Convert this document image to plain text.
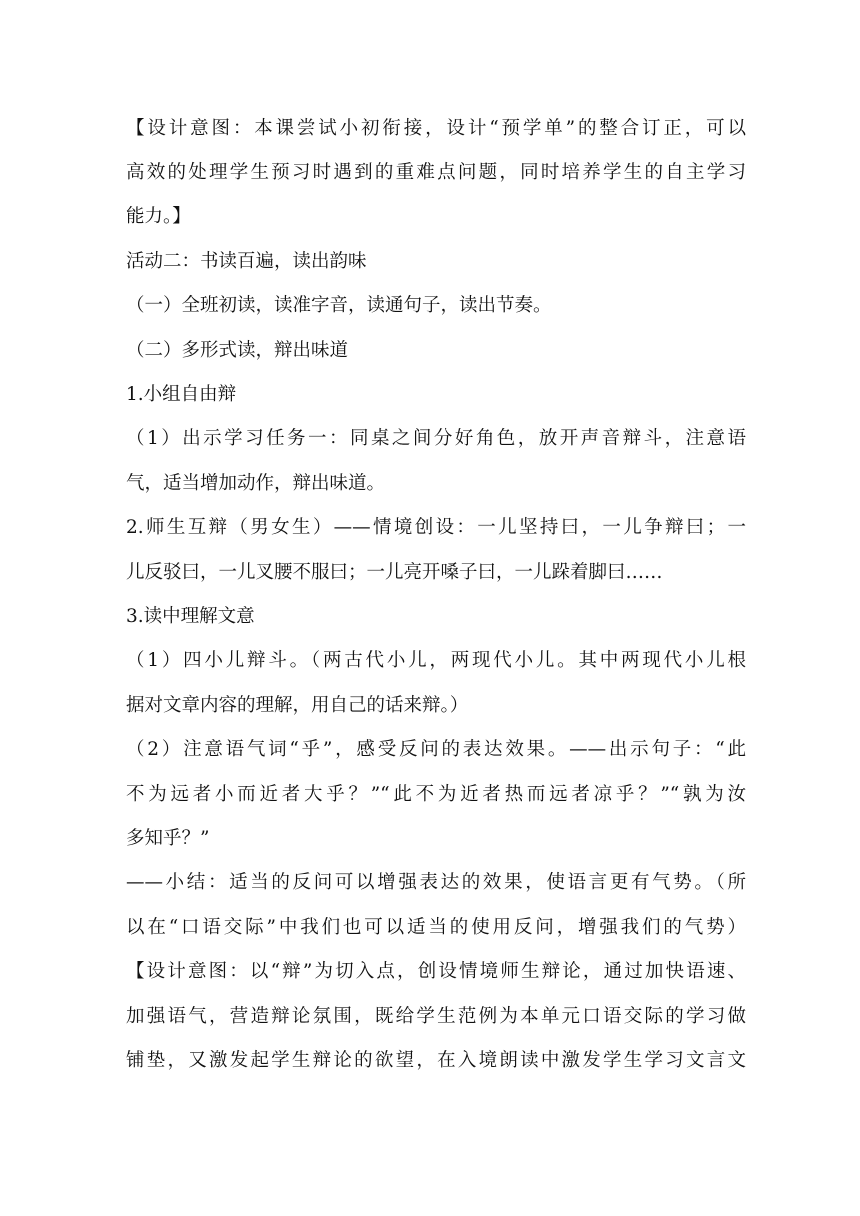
【设计意图：本课尝试小初衔接，设计“预学单”的整合订正，可以
高效的处理学生预习时遇到的重难点问题，同时培养学生的自主学习
能力。】
活动二：书读百遍，读出韵味
（一）全班初读，读准字音，读通句子，读出节奏。
（二）多形式读，辩出味道
1.小组自由辩
（1）出示学习任务一：同桌之间分好角色，放开声音辩斗，注意语
气，适当增加动作，辩出味道。
2.师生互辩（男女生）——情境创设：一儿坚持曰，一儿争辩曰；一
儿反驳曰，一儿叉腰不服曰；一儿亮开嗓子曰，一儿跺着脚曰……
3.读中理解文意
（1）四小儿辩斗。（两古代小儿，两现代小儿。其中两现代小儿根
据对文章内容的理解，用自己的话来辩。）
（2）注意语气词“乎”，感受反问的表达效果。——出示句子：“此
不为远者小而近者大乎？”“此不为近者热而远者凉乎？”“孰为汝
多知乎？”
——小结：适当的反问可以增强表达的效果，使语言更有气势。（所
以在“口语交际”中我们也可以适当的使用反问，增强我们的气势）
【设计意图：以“辩”为切入点，创设情境师生辩论，通过加快语速、
加强语气，营造辩论氛围，既给学生范例为本单元口语交际的学习做
铺垫，又激发起学生辩论的欲望，在入境朗读中激发学生学习文言文
